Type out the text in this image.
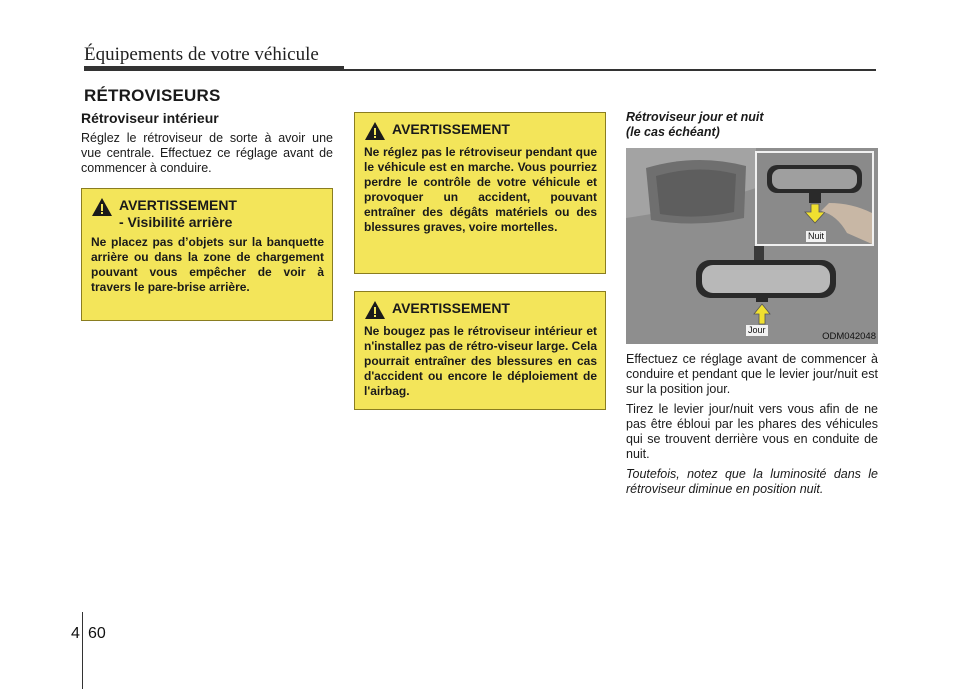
Équipements de votre véhicule
RÉTROVISEURS
Rétroviseur intérieur

Réglez le rétroviseur de sorte à avoir une vue centrale. Effectuez ce réglage avant de commencer à conduire.

AVERTISSEMENT
- Visibilité arrière
Ne placez pas d’objets sur la banquette arrière ou dans la zone de chargement pouvant vous empêcher de voir à travers le pare-brise arrière.
AVERTISSEMENT
Ne réglez pas le rétroviseur pendant que le véhicule est en marche. Vous pourriez perdre le contrôle de votre véhicule et provoquer un accident, pouvant entraîner des dégâts matériels ou des blessures graves, voire mortelles.
AVERTISSEMENT
Ne bougez pas le rétroviseur intérieur et n'installez pas de rétro-viseur large. Cela pourrait entraîner des blessures en cas d'accident ou encore le déploiement de l'airbag.
Rétroviseur jour et nuit
(le cas échéant)
Nuit
Jour
ODM042048

Effectuez ce réglage avant de commencer à conduire et pendant que le levier jour/nuit est sur la position jour.

Tirez le levier jour/nuit vers vous afin de ne pas être ébloui par les phares des véhicules qui se trouvent derrière vous en conduite de nuit.

Toutefois, notez que la luminosité dans le rétroviseur diminue en position nuit.

4 60
